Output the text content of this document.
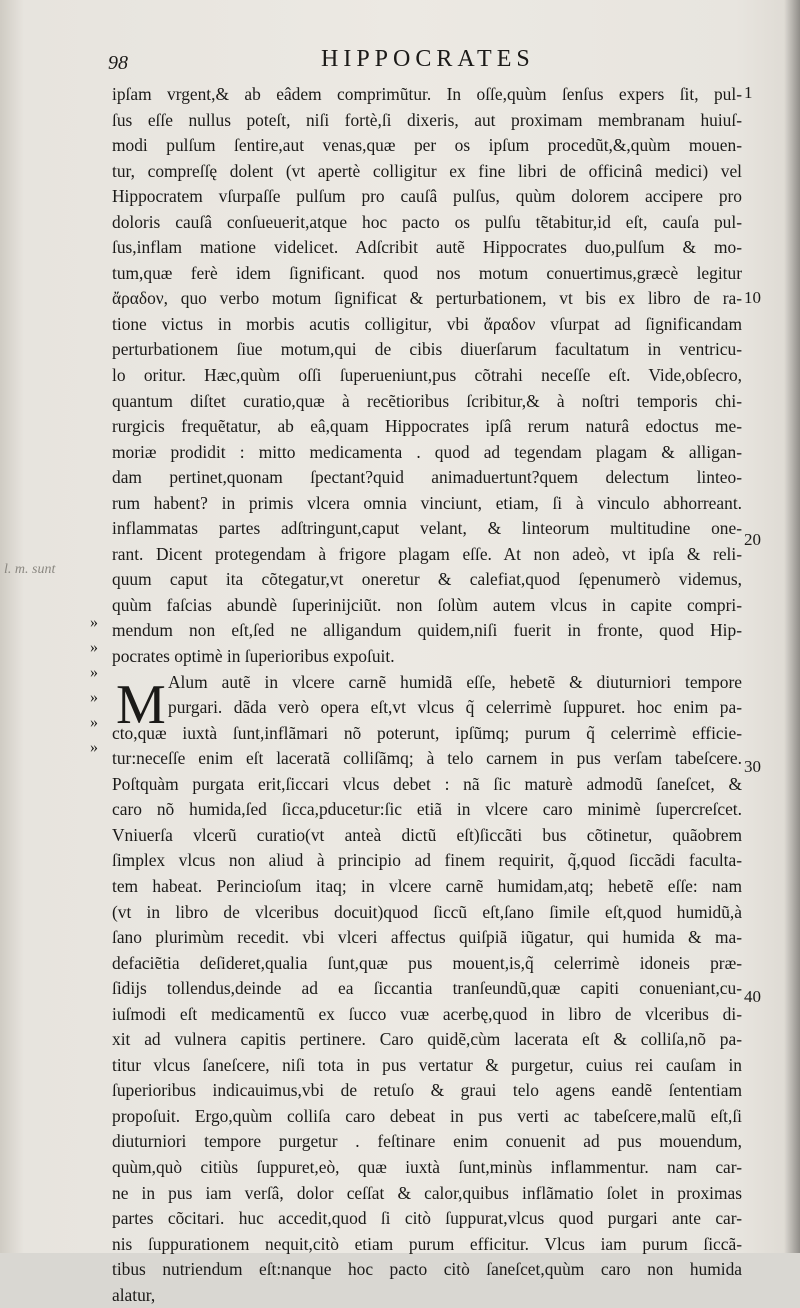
98	HIPPOCRATES
l. m. sunt
1
10
20
30
40
»
»
»
»
»
»
ipſam vrgent,& ab eâdem comprimũtur. In oſſe,quùm ſenſus expers ſit, pul-
ſus eſſe nullus poteſt, niſi fortè,ſi dixeris, aut proximam membranam huiuſ-
modi pulſum ſentire,aut venas,quæ per os ipſum procedũt,&,quùm mouen-
tur, compreſſę dolent (vt apertè colligitur ex fine libri de officinâ medici) vel
Hippocratem vſurpaſſe pulſum pro cauſâ pulſus, quùm dolorem accipere pro
doloris cauſâ conſueuerit,atque hoc pacto os pulſu tẽtabitur,id eſt, cauſa pul-
ſus,inflam matione videlicet. Adſcribit autẽ Hippocrates duo,pulſum & mo-
tum,quæ ferè idem ſignificant. quod nos motum conuertimus,græcè legitur
ἄραδον, quo verbo motum ſignificat & perturbationem, vt bis ex libro de ra-
tione victus in morbis acutis colligitur, vbi ἄραδον vſurpat ad ſignificandam
perturbationem ſiue motum,qui de cibis diuerſarum facultatum in ventricu-
lo oritur. Hæc,quùm oſſi ſuperueniunt,pus cõtrahi neceſſe eſt. Vide,obſecro,
quantum diſtet curatio,quæ à recẽtioribus ſcribitur,& à noſtri temporis chi-
rurgicis frequẽtatur, ab eâ,quam Hippocrates ipſâ rerum naturâ edoctus me-
moriæ prodidit : mitto medicamenta . quod ad tegendam plagam & alligan-
dam pertinet,quonam ſpectant?quid animaduertunt?quem delectum linteo-
rum habent? in primis vlcera omnia vinciunt, etiam, ſi à vinculo abhorreant.
inflammatas partes adſtringunt,caput velant, & linteorum multitudine one-
rant. Dicent protegendam à frigore plagam eſſe. At non adeò, vt ipſa & reli-
quum caput ita cõtegatur,vt oneretur & calefiat,quod ſępenumerò videmus,
quùm faſcias abundè ſuperinijciũt. non ſolùm autem vlcus in capite compri-
mendum non eſt,ſed ne alligandum quidem,niſi fuerit in fronte, quod Hip-
pocrates optimè in ſuperioribus expoſuit.
M Alum autẽ in vlcere carnẽ humidã eſſe, hebetẽ & diuturniori tempore
purgari. dãda verò opera eſt,vt vlcus q̃ celerrimè ſuppuret. hoc enim pa-
cto,quæ iuxtà ſunt,inflãmari nõ poterunt, ipſũmq; purum q̃ celerrimè efficie-
tur:neceſſe enim eſt laceratã colliſãmq; à telo carnem in pus verſam tabeſcere.
Poſtquàm purgata erit,ſiccari vlcus debet : nã ſic maturè admodũ ſaneſcet, &
caro nõ humida,ſed ſicca,pducetur:ſic etiã in vlcere caro minimè ſupercreſcet.
Vniuerſa vlcerũ curatio(vt anteà dictũ eſt)ſiccãti bus cõtinetur, quãobrem
ſimplex vlcus non aliud à principio ad finem requirit, q̃,quod ſiccãdi faculta-
tem habeat. Perincioſum itaq; in vlcere carnẽ humidam,atq; hebetẽ eſſe: nam
(vt in libro de vlceribus docuit)quod ſiccũ eſt,ſano ſimile eſt,quod humidũ,à
ſano plurimùm recedit. vbi vlceri affectus quiſpiã iũgatur, qui humida & ma-
defaciẽtia deſideret,qualia ſunt,quæ pus mouent,is,q̃ celerrimè idoneis præ-
ſidijs tollendus,deinde ad ea ſiccantia tranſeundũ,quæ capiti conueniant,cu-
iuſmodi eſt medicamentũ ex ſucco vuæ acerbę,quod in libro de vlceribus di-
xit ad vulnera capitis pertinere. Caro quidẽ,cùm lacerata eſt & colliſa,nõ pa-
titur vlcus ſaneſcere, niſi tota in pus vertatur & purgetur, cuius rei cauſam in
ſuperioribus indicauimus,vbi de retuſo & graui telo agens eandẽ ſententiam
propoſuit. Ergo,quùm colliſa caro debeat in pus verti ac tabeſcere,malũ eſt,ſi
diuturniori tempore purgetur . feſtinare enim conuenit ad pus mouendum,
quùm,quò citiùs ſuppuret,eò, quæ iuxtà ſunt,minùs inflammentur. nam car-
ne in pus iam verſâ, dolor ceſſat & calor,quibus inflãmatio ſolet in proximas
partes cõcitari. huc accedit,quod ſi citò ſuppurat,vlcus quod purgari ante car-
nis ſuppurationem nequit,citò etiam purum efficitur. Vlcus iam purum ſiccã-
tibus nutriendum eſt:nanque hoc pacto citò ſaneſcet,quùm caro non humida
alatur,
